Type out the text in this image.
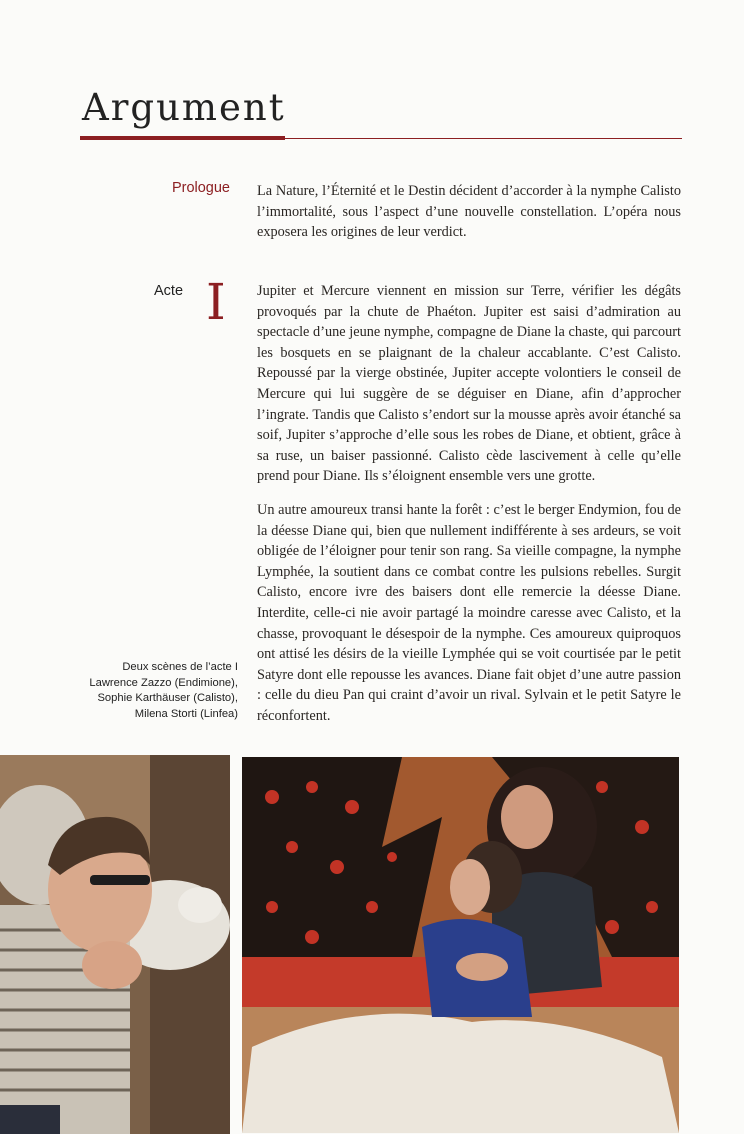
Argument
Prologue La Nature, l’Éternité et le Destin décident d’accorder à la nymphe Calisto l’immortalité, sous l’aspect d’une nouvelle constellation. L’opéra nous exposera les origines de leur verdict.

Acte I Jupiter et Mercure viennent en mission sur Terre, vérifier les dégâts provoqués par la chute de Phaéton. Jupiter est saisi d’admiration au spectacle d’une jeune nymphe, compagne de Diane la chaste, qui parcourt les bosquets en se plaignant de la chaleur accablante. C’est Calisto. Repoussé par la vierge obstinée, Jupiter accepte volontiers le conseil de Mercure qui lui suggère de se déguiser en Diane, afin d’approcher l’ingrate. Tandis que Calisto s’endort sur la mousse après avoir étanché sa soif, Jupiter s’approche d’elle sous les robes de Diane, et obtient, grâce à sa ruse, un baiser passionné. Calisto cède lascivement à celle qu’elle prend pour Diane. Ils s’éloignent ensemble vers une grotte.

Un autre amoureux transi hante la forêt : c’est le berger Endymion, fou de la déesse Diane qui, bien que nullement indifférente à ses ardeurs, se voit obligée de l’éloigner pour tenir son rang. Sa vieille compagne, la nymphe Lymphée, la soutient dans ce combat contre les pulsions rebelles. Surgit Calisto, encore ivre des baisers dont elle remercie la déesse Diane. Interdite, celle-ci nie avoir partagé la moindre caresse avec Calisto, et la chasse, provoquant le désespoir de la nymphe. Ces amoureux quiproquos ont attisé les désirs de la vieille Lymphée qui se voit courtisée par le petit Satyre dont elle repousse les avances. Diane fait objet d’une autre passion : celle du dieu Pan qui craint d’avoir un rival. Sylvain et le petit Satyre le réconfortent.

Deux scènes de l’acte I
Lawrence Zazzo (Endimione),
Sophie Karthäuser (Calisto),
Milena Storti (Linfea)
